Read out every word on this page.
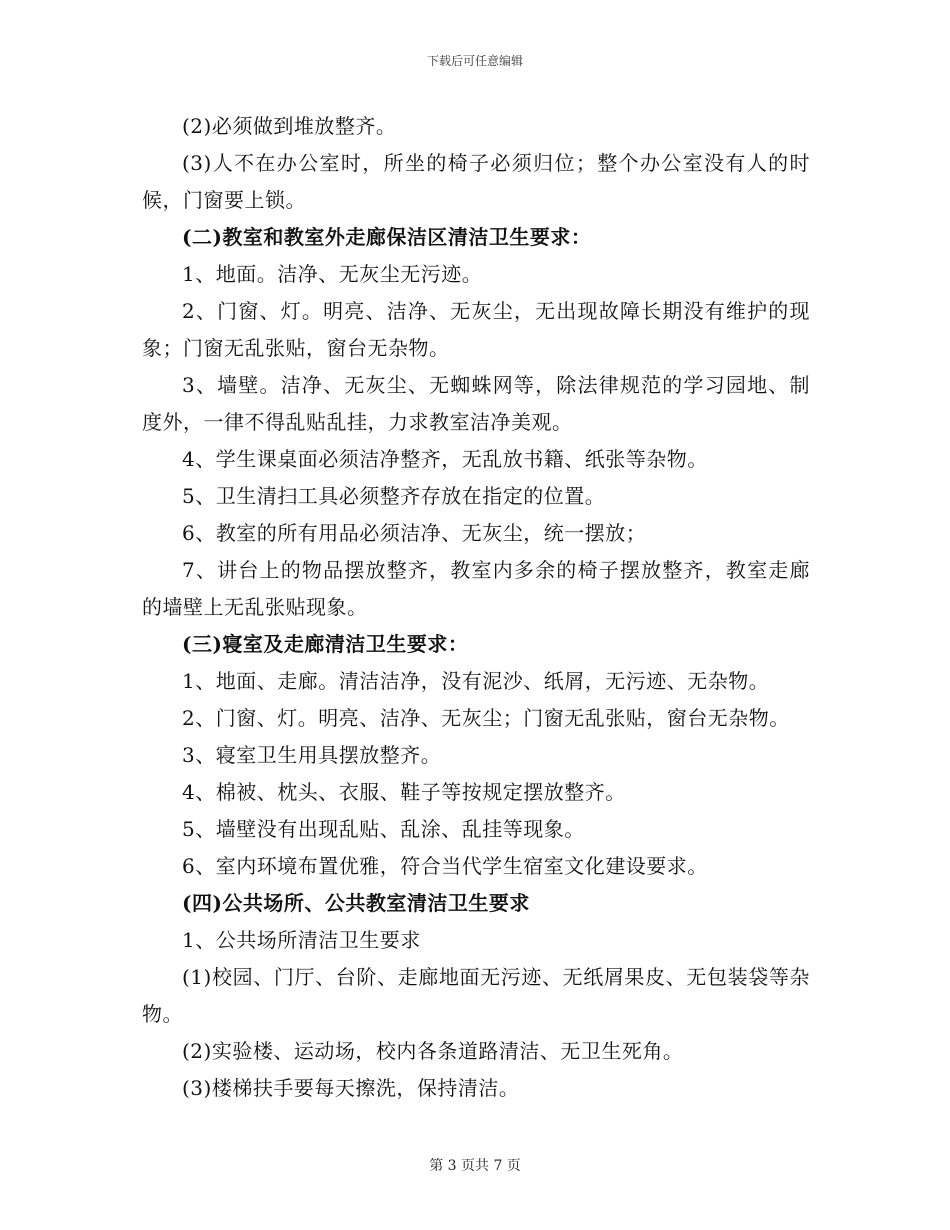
下载后可任意编辑

(2)必须做到堆放整齐。

(3)人不在办公室时，所坐的椅子必须归位；整个办公室没有人的时候，门窗要上锁。

(二)教室和教室外走廊保洁区清洁卫生要求：

1、地面。洁净、无灰尘无污迹。

2、门窗、灯。明亮、洁净、无灰尘，无出现故障长期没有维护的现象；门窗无乱张贴，窗台无杂物。

3、墙壁。洁净、无灰尘、无蜘蛛网等，除法律规范的学习园地、制度外，一律不得乱贴乱挂，力求教室洁净美观。

4、学生课桌面必须洁净整齐，无乱放书籍、纸张等杂物。

5、卫生清扫工具必须整齐存放在指定的位置。

6、教室的所有用品必须洁净、无灰尘，统一摆放；

7、讲台上的物品摆放整齐，教室内多余的椅子摆放整齐，教室走廊的墙壁上无乱张贴现象。

(三)寝室及走廊清洁卫生要求：

1、地面、走廊。清洁洁净，没有泥沙、纸屑，无污迹、无杂物。

2、门窗、灯。明亮、洁净、无灰尘；门窗无乱张贴，窗台无杂物。

3、寝室卫生用具摆放整齐。

4、棉被、枕头、衣服、鞋子等按规定摆放整齐。

5、墙壁没有出现乱贴、乱涂、乱挂等现象。

6、室内环境布置优雅，符合当代学生宿室文化建设要求。

(四)公共场所、公共教室清洁卫生要求

1、公共场所清洁卫生要求

(1)校园、门厅、台阶、走廊地面无污迹、无纸屑果皮、无包装袋等杂物。

(2)实验楼、运动场，校内各条道路清洁、无卫生死角。

(3)楼梯扶手要每天擦洗，保持清洁。

第 3 页共 7 页
